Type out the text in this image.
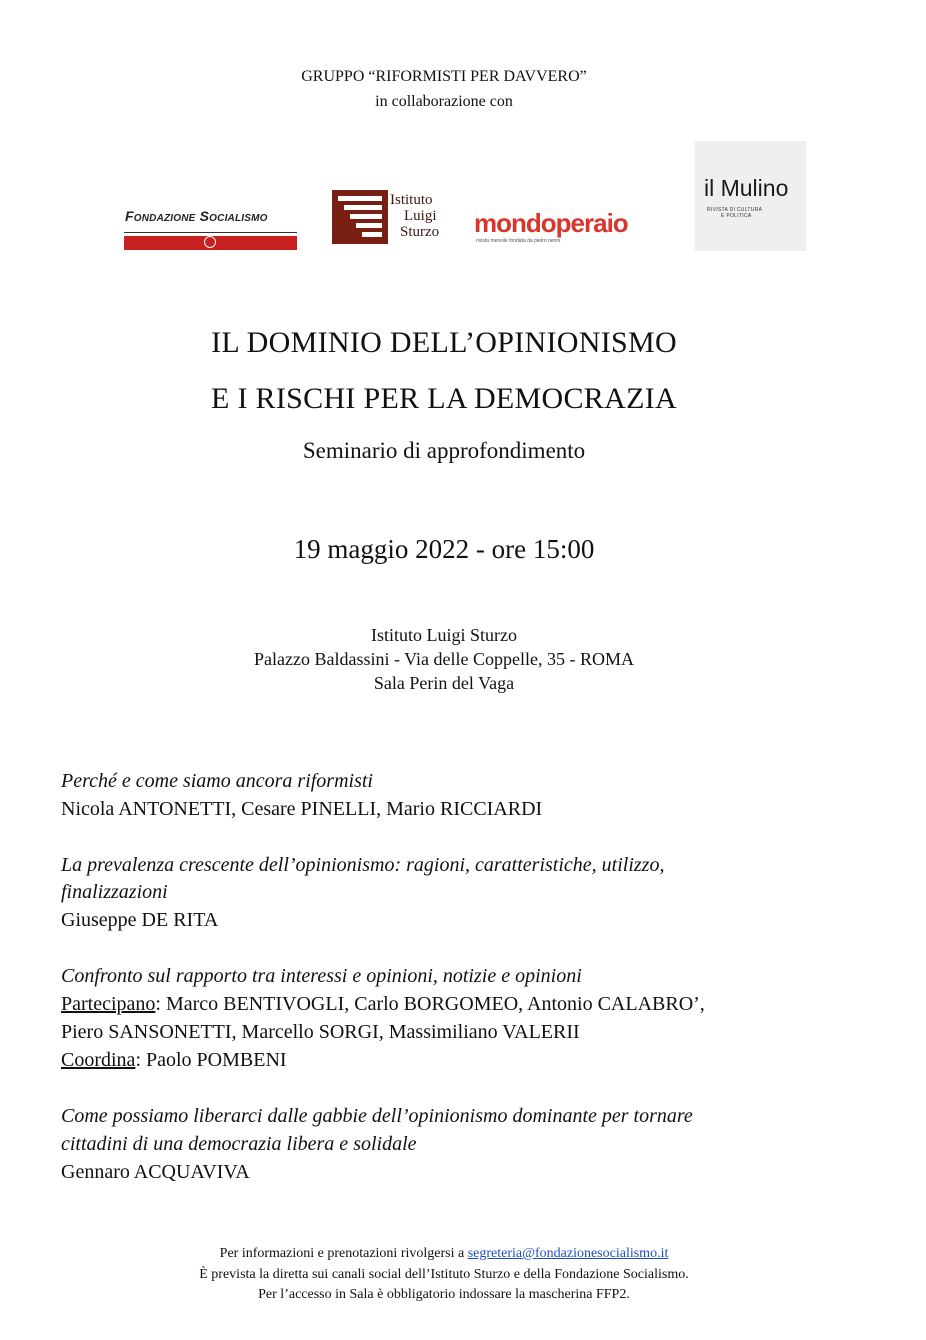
GRUPPO “RIFORMISTI PER DAVVERO”
in collaborazione con
Fondazione Socialismo
Istituto
Luigi
Sturzo mondoperaio
rivista mensile fondata da pietro nenni
il Mulino
RIVISTA DI CULTURA
E POLITICA
IL DOMINIO DELL’OPINIONISMO
E I RISCHI PER LA DEMOCRAZIA
Seminario di approfondimento
19 maggio 2022 - ore 15:00
Istituto Luigi Sturzo
Palazzo Baldassini - Via delle Coppelle, 35 - ROMA
Sala Perin del Vaga
Perché e come siamo ancora riformisti
Nicola ANTONETTI, Cesare PINELLI, Mario RICCIARDI
La prevalenza crescente dell’opinionismo: ragioni, caratteristiche, utilizzo,
finalizzazioni
Giuseppe DE RITA
Confronto sul rapporto tra interessi e opinioni, notizie e opinioni
Partecipano: Marco BENTIVOGLI, Carlo BORGOMEO, Antonio CALABRO’,
Piero SANSONETTI, Marcello SORGI, Massimiliano VALERII
Coordina: Paolo POMBENI
Come possiamo liberarci dalle gabbie dell’opinionismo dominante per tornare
cittadini di una democrazia libera e solidale
Gennaro ACQUAVIVA
Per informazioni e prenotazioni rivolgersi a segreteria@fondazionesocialismo.it
È prevista la diretta sui canali social dell’Istituto Sturzo e della Fondazione Socialismo.
Per l’accesso in Sala è obbligatorio indossare la mascherina FFP2.
